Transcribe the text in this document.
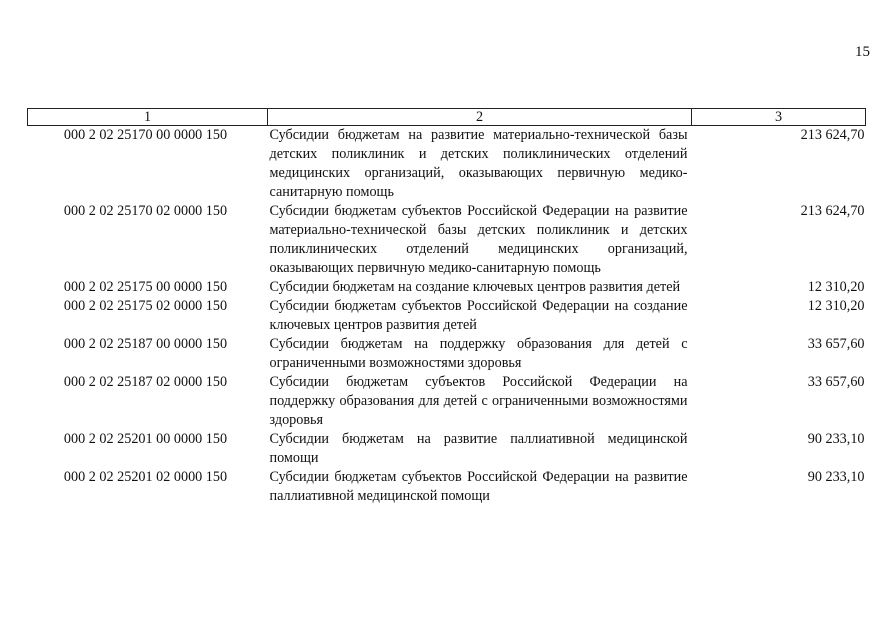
15
1	2	3
000 2 02 25170 00 0000 150	Субсидии бюджетам на развитие материально-технической базы детских поликлиник и детских поликлинических отделений медицинских организаций, оказывающих первичную медико-санитарную помощь	213 624,70
000 2 02 25170 02 0000 150	Субсидии бюджетам субъектов Российской Федерации на развитие материально-технической базы детских поликлиник и детских поликлинических отделений медицинских организаций, оказывающих первичную медико-санитарную помощь	213 624,70
000 2 02 25175 00 0000 150	Субсидии бюджетам на создание ключевых центров развития детей	12 310,20
000 2 02 25175 02 0000 150	Субсидии бюджетам субъектов Российской Федерации на создание ключевых центров развития детей	12 310,20
000 2 02 25187 00 0000 150	Субсидии бюджетам на поддержку образования для детей с ограниченными возможностями здоровья	33 657,60
000 2 02 25187 02 0000 150	Субсидии бюджетам субъектов Российской Федерации на поддержку образования для детей с ограниченными возможностями здоровья	33 657,60
000 2 02 25201 00 0000 150	Субсидии бюджетам на развитие паллиативной медицинской помощи	90 233,10
000 2 02 25201 02 0000 150	Субсидии бюджетам субъектов Российской Федерации на развитие паллиативной медицинской помощи	90 233,10
